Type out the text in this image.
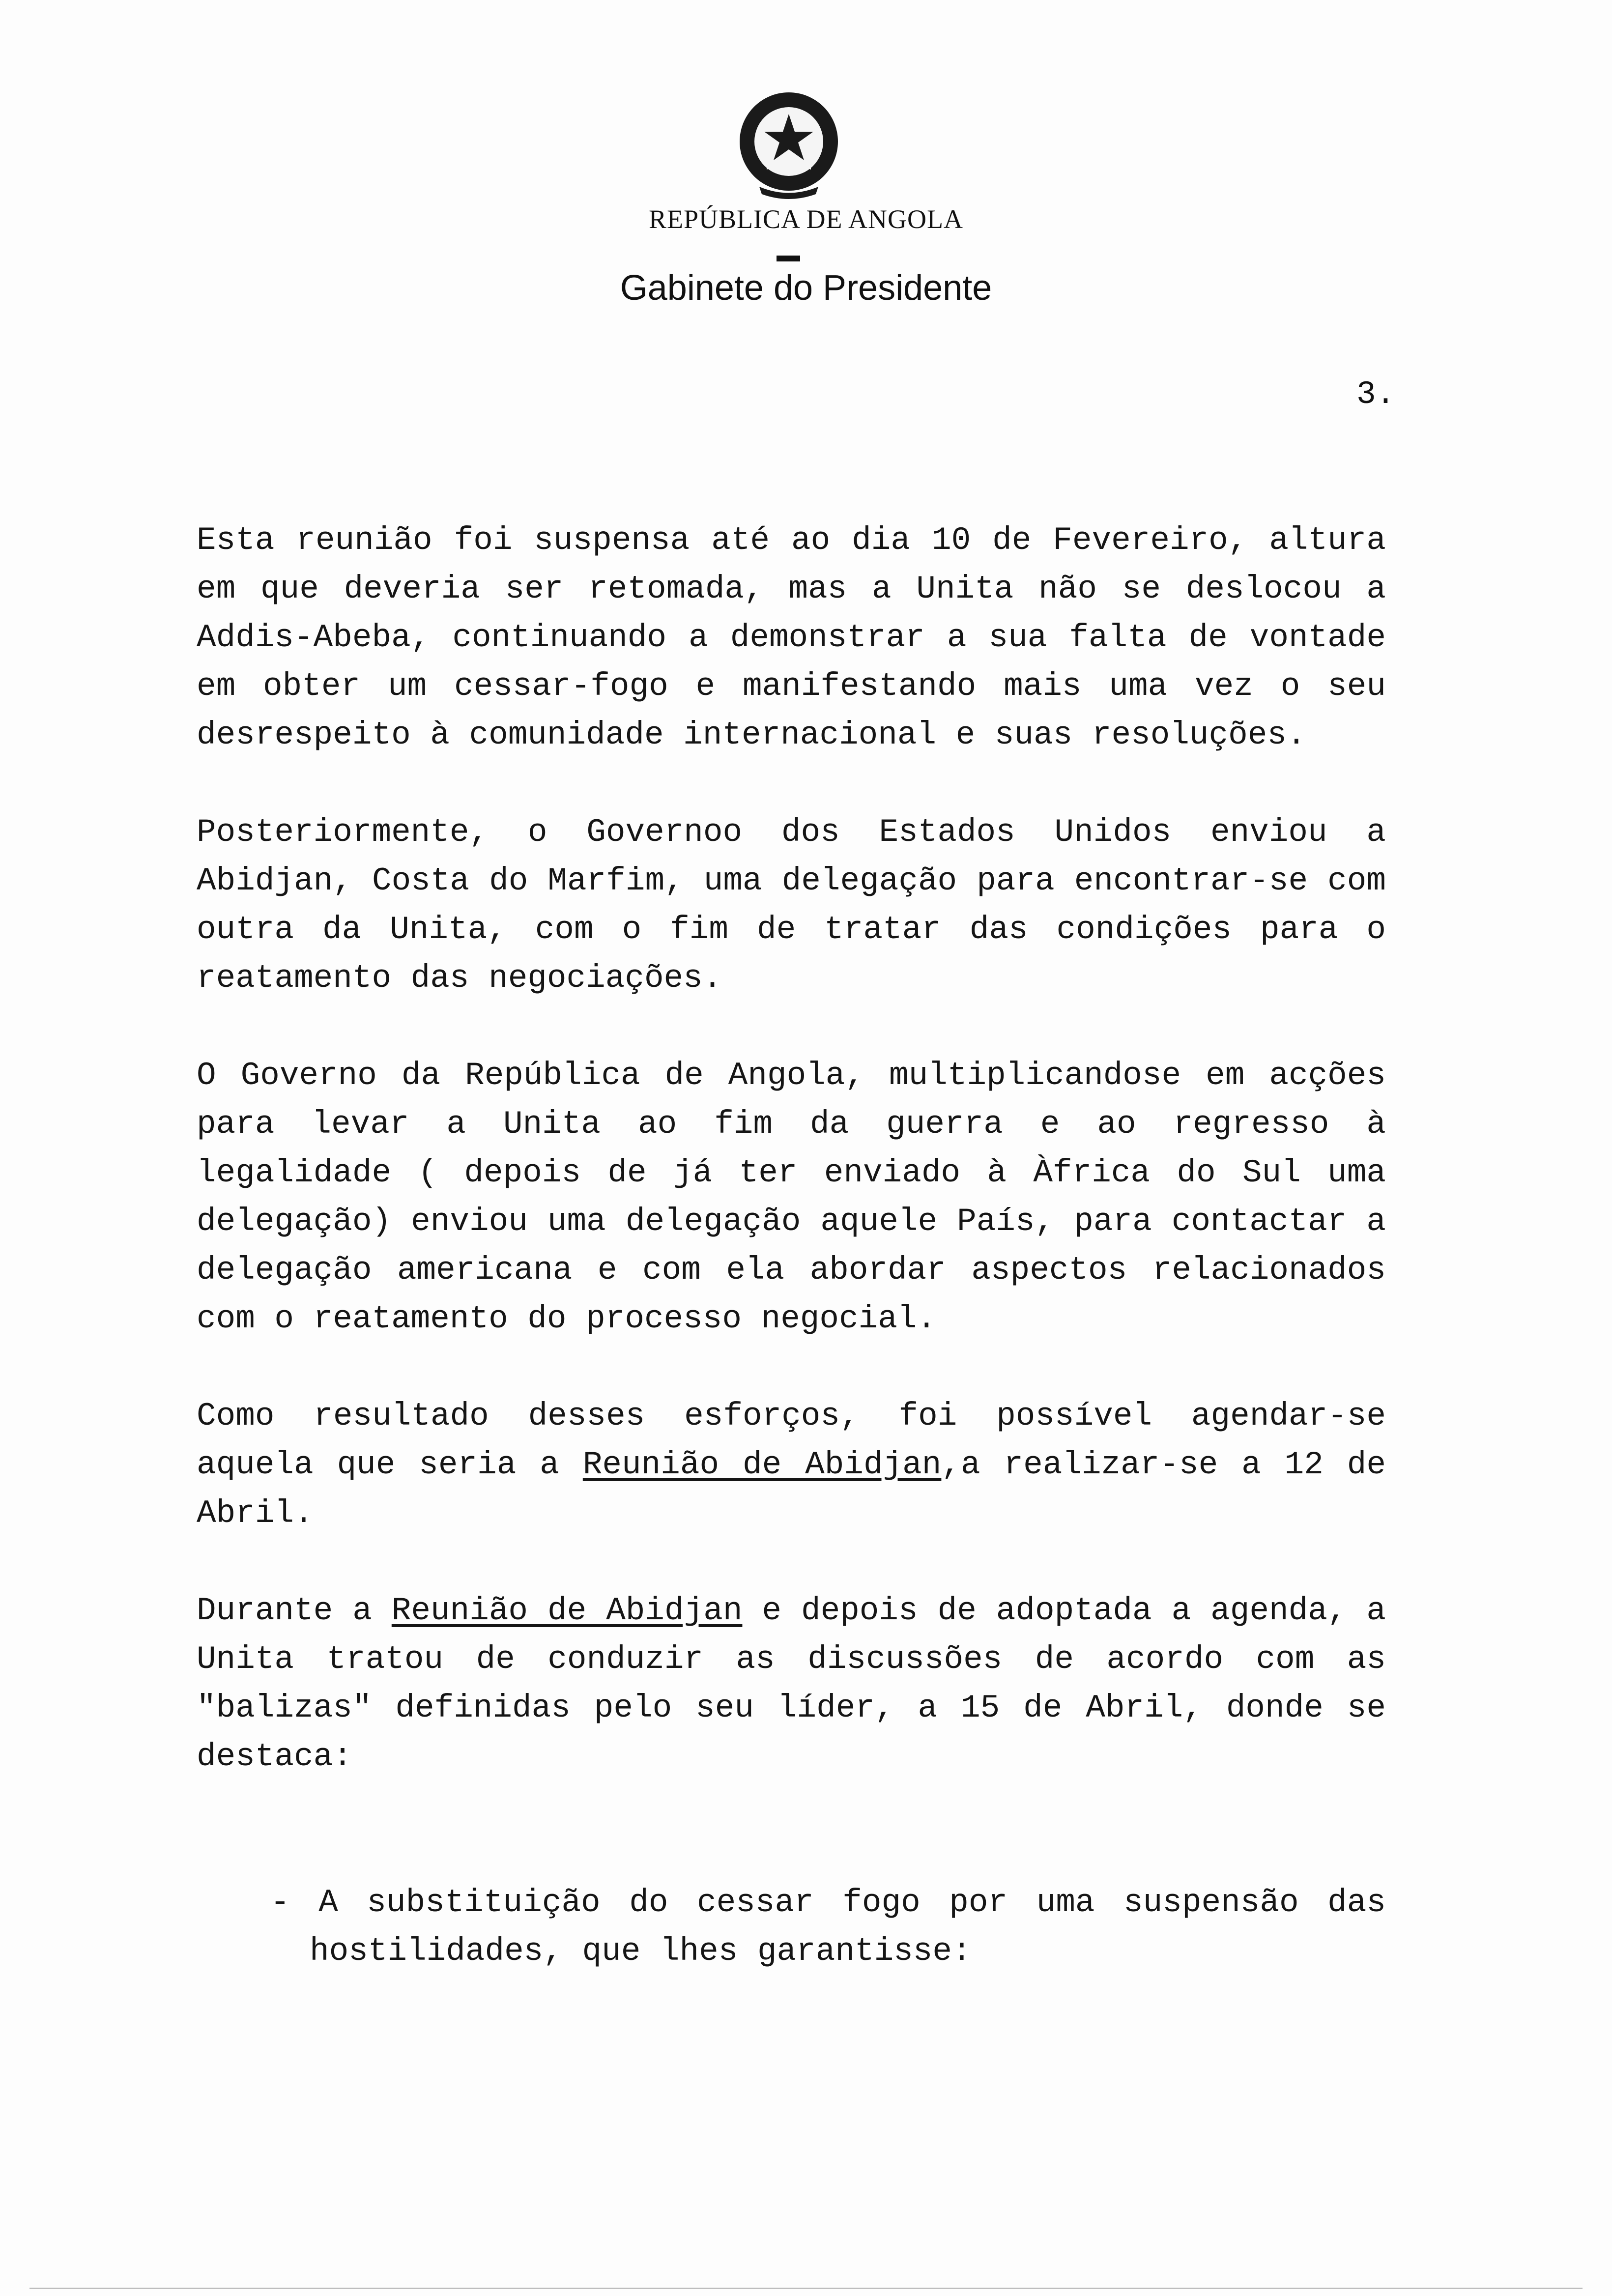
REPÚBLICA DE ANGOLA
Gabinete do Presidente
3.

Esta reunião foi suspensa até ao dia 10 de Fevereiro, altura em que deveria ser retomada, mas a Unita não se deslocou a Addis-Abeba, continuando a demonstrar a sua falta de vontade em obter um cessar-fogo e manifestando mais uma vez o seu desrespeito à comunidade internacional e suas resoluções.

Posteriormente, o Governoo dos Estados Unidos enviou a Abidjan, Costa do Marfim, uma delegação para encontrar-se com outra da Unita, com o fim de tratar das condições para o reatamento das negociações.

O Governo da República de Angola, multiplicandose em acções para levar a Unita ao fim da guerra e ao regresso à legalidade ( depois de já ter enviado à Àfrica do Sul uma delegação) enviou uma delegação aquele País, para contactar a delegação americana e com ela abordar aspectos relacionados com o reatamento do processo negocial.

Como resultado desses esforços, foi possível agendar-se aquela que seria a Reunião de Abidjan,a realizar-se a 12 de Abril.

Durante a Reunião de Abidjan e depois de adoptada a agenda, a Unita tratou de conduzir as discussões de acordo com as "balizas" definidas pelo seu líder, a 15 de Abril, donde se destaca:

- A substituição do cessar fogo por uma suspensão das hostilidades, que lhes garantisse:
